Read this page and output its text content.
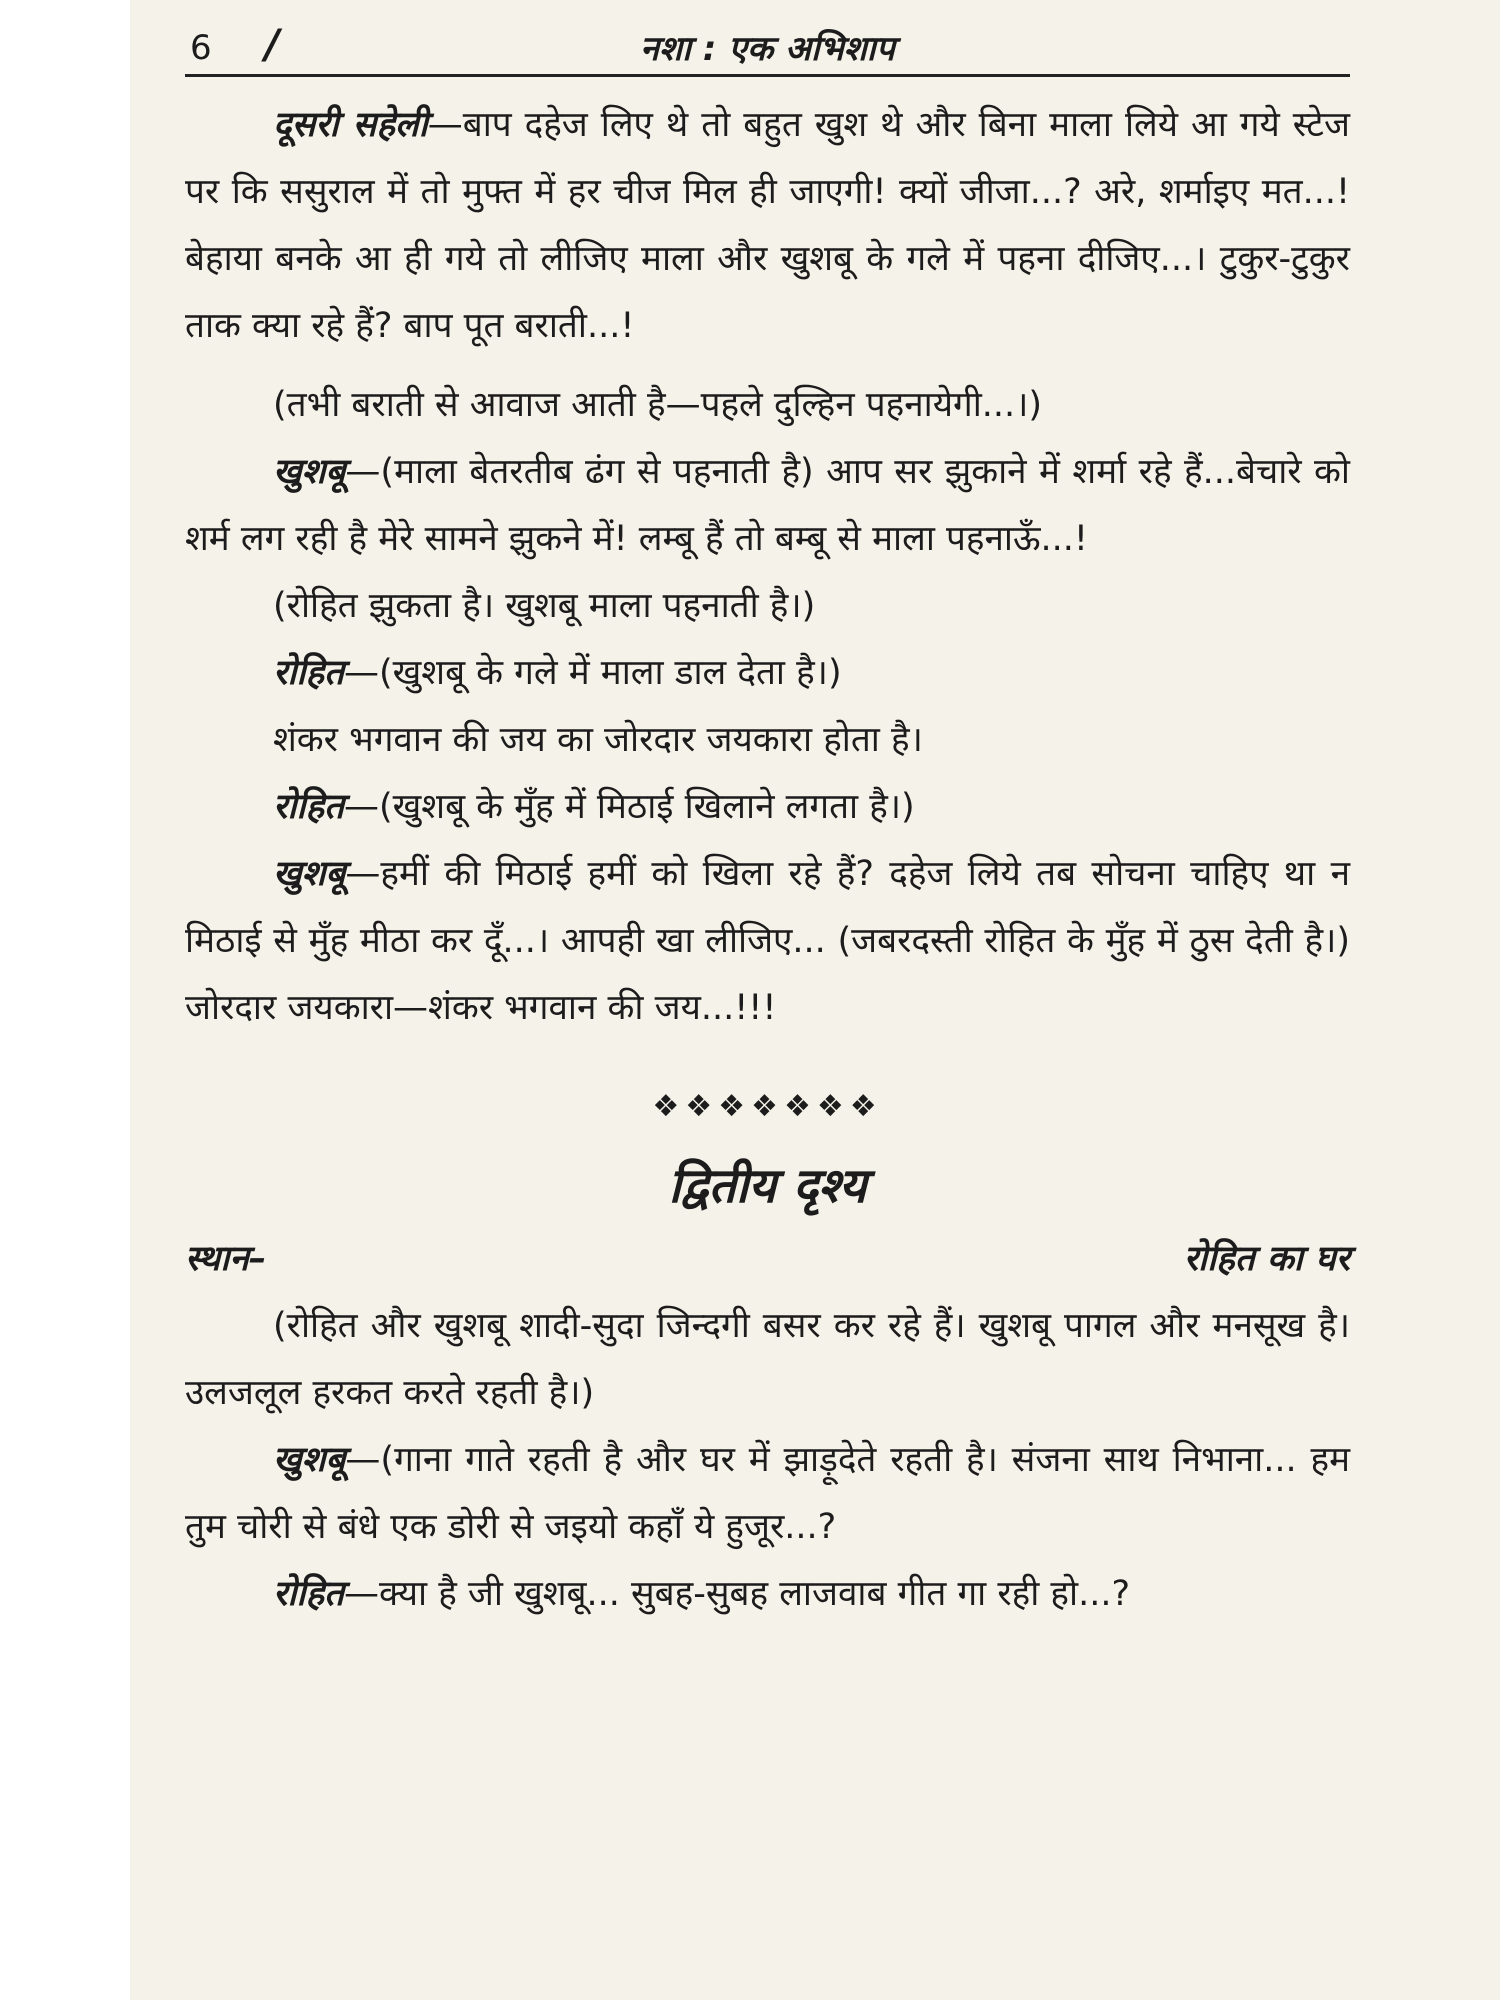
6 /	नशा : एक अभिशाप

दूसरी सहेली—बाप दहेज लिए थे तो बहुत खुश थे और बिना माला लिये आ गये स्टेज पर कि ससुराल में तो मुफ्त में हर चीज मिल ही जाएगी! क्यों जीजा...? अरे, शर्माइए मत...! बेहाया बनके आ ही गये तो लीजिए माला और खुशबू के गले में पहना दीजिए...। टुकुर-टुकुर ताक क्या रहे हैं? बाप पूत बराती...!

(तभी बराती से आवाज आती है—पहले दुल्हिन पहनायेगी...।)

खुशबू—(माला बेतरतीब ढंग से पहनाती है) आप सर झुकाने में शर्मा रहे हैं...बेचारे को शर्म लग रही है मेरे सामने झुकने में! लम्बू हैं तो बम्बू से माला पहनाऊँ...!

(रोहित झुकता है। खुशबू माला पहनाती है।)

रोहित—(खुशबू के गले में माला डाल देता है।)

शंकर भगवान की जय का जोरदार जयकारा होता है।

रोहित—(खुशबू के मुँह में मिठाई खिलाने लगता है।)

खुशबू—हमीं की मिठाई हमीं को खिला रहे हैं? दहेज लिये तब सोचना चाहिए था न मिठाई से मुँह मीठा कर दूँ...। आपही खा लीजिए... (जबरदस्ती रोहित के मुँह में ठुस देती है।) जोरदार जयकारा—शंकर भगवान की जय...!!!

❖❖❖❖❖❖❖
द्वितीय दृश्य
स्थान–	रोहित का घर

(रोहित और खुशबू शादी-सुदा जिन्दगी बसर कर रहे हैं। खुशबू पागल और मनसूख है। उलजलूल हरकत करते रहती है।)

खुशबू—(गाना गाते रहती है और घर में झाड़ूदेते रहती है। संजना साथ निभाना... हम तुम चोरी से बंधे एक डोरी से जइयो कहाँ ये हुजूर...?

रोहित—क्या है जी खुशबू... सुबह-सुबह लाजवाब गीत गा रही हो...?
